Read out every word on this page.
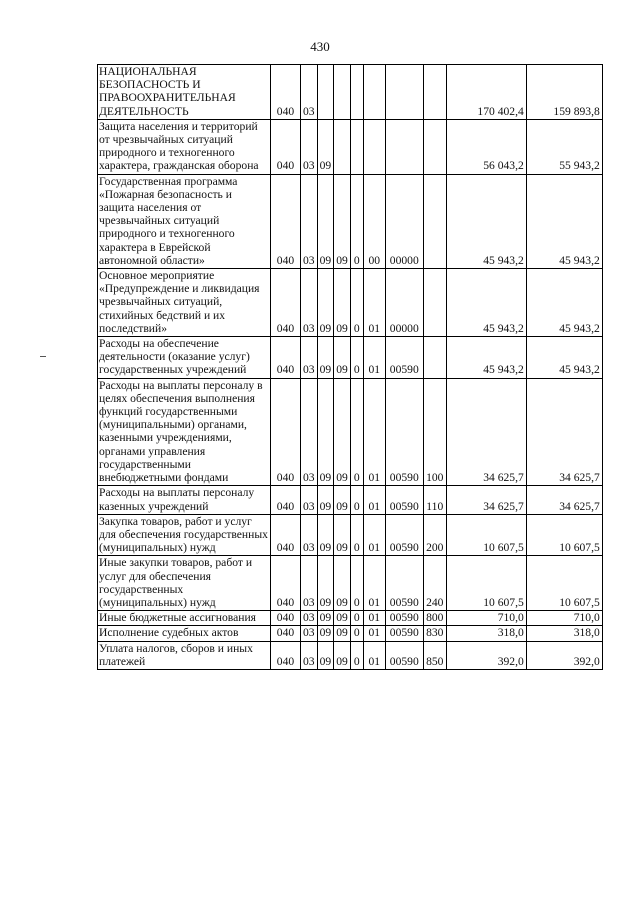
430
НАЦИОНАЛЬНАЯ БЕЗОПАСНОСТЬ И ПРАВООХРАНИТЕЛЬНАЯ ДЕЯТЕЛЬНОСТЬ	040	03							170 402,4	159 893,8
Защита населения и территорий от чрезвычайных ситуаций природного и техногенного характера, гражданская оборона	040	03	09						56 043,2	55 943,2
Государственная программа «Пожарная безопасность и защита населения от чрезвычайных ситуаций природного и техногенного характера в Еврейской автономной области»	040	03	09	09	0	00	00000		45 943,2	45 943,2
Основное мероприятие «Предупреждение и ликвидация чрезвычайных ситуаций, стихийных бедствий и их последствий»	040	03	09	09	0	01	00000		45 943,2	45 943,2
Расходы на обеспечение деятельности (оказание услуг) государственных учреждений	040	03	09	09	0	01	00590		45 943,2	45 943,2
Расходы на выплаты персоналу в целях обеспечения выполнения функций государственными (муниципальными) органами, казенными учреждениями, органами управления государственными внебюджетными фондами	040	03	09	09	0	01	00590	100	34 625,7	34 625,7
Расходы на выплаты персоналу казенных учреждений	040	03	09	09	0	01	00590	110	34 625,7	34 625,7
Закупка товаров, работ и услуг для обеспечения государственных (муниципальных) нужд	040	03	09	09	0	01	00590	200	10 607,5	10 607,5
Иные закупки товаров, работ и услуг для обеспечения государственных (муниципальных) нужд	040	03	09	09	0	01	00590	240	10 607,5	10 607,5
Иные бюджетные ассигнования	040	03	09	09	0	01	00590	800	710,0	710,0
Исполнение судебных актов	040	03	09	09	0	01	00590	830	318,0	318,0
Уплата налогов, сборов и иных платежей	040	03	09	09	0	01	00590	850	392,0	392,0
